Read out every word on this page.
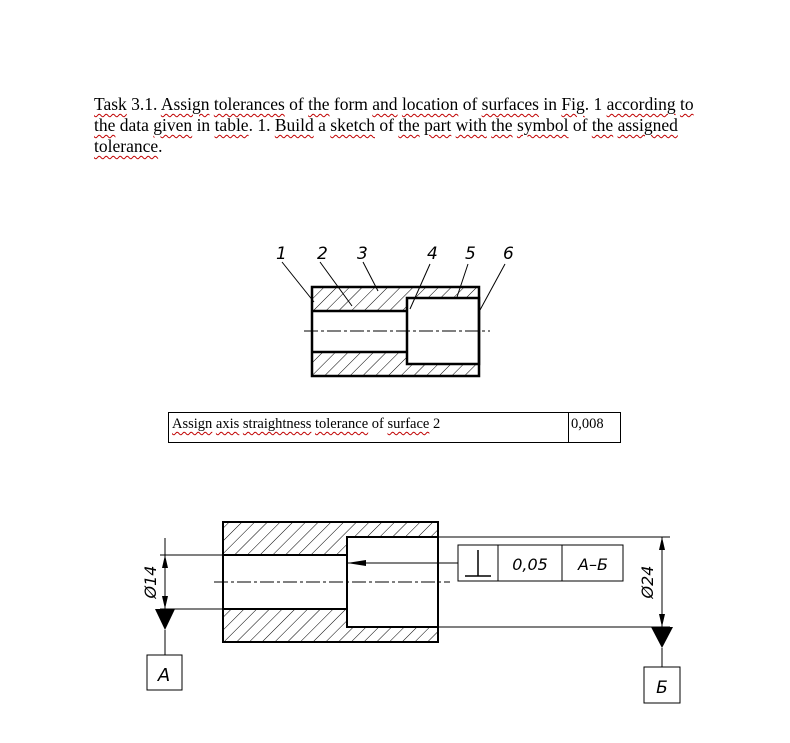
Task 3.1. Assign tolerances of the form and location of surfaces in Fig. 1 according to the data given in table. 1. Build a sketch of the part with the symbol of the assigned tolerance.
Assign axis straightness tolerance of surface 2	0,008
1 2 3	4 5 6
Ø14
А
Ø24
Б
0,05 А–Б
